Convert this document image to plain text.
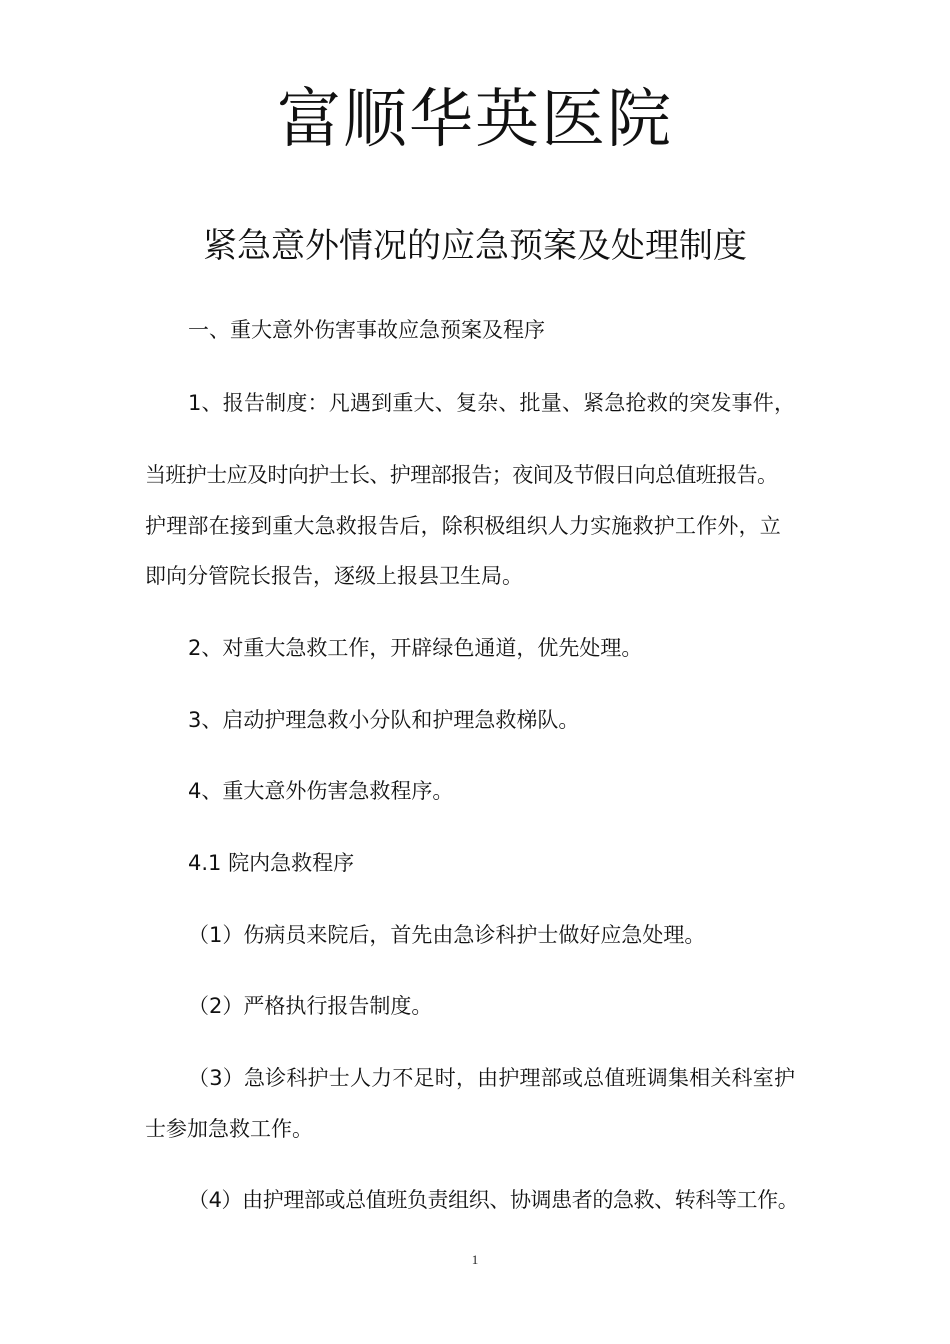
富顺华英医院
紧急意外情况的应急预案及处理制度
一、重大意外伤害事故应急预案及程序
1、报告制度：凡遇到重大、复杂、批量、紧急抢救的突发事件，
当班护士应及时向护士长、护理部报告；夜间及节假日向总值班报告。
护理部在接到重大急救报告后，除积极组织人力实施救护工作外，立
即向分管院长报告，逐级上报县卫生局。
2、对重大急救工作，开辟绿色通道，优先处理。
3、启动护理急救小分队和护理急救梯队。
4、重大意外伤害急救程序。
4.1 院内急救程序
（1）伤病员来院后，首先由急诊科护士做好应急处理。
（2）严格执行报告制度。
（3）急诊科护士人力不足时，由护理部或总值班调集相关科室护
士参加急救工作。
（4）由护理部或总值班负责组织、协调患者的急救、转科等工作。
1
